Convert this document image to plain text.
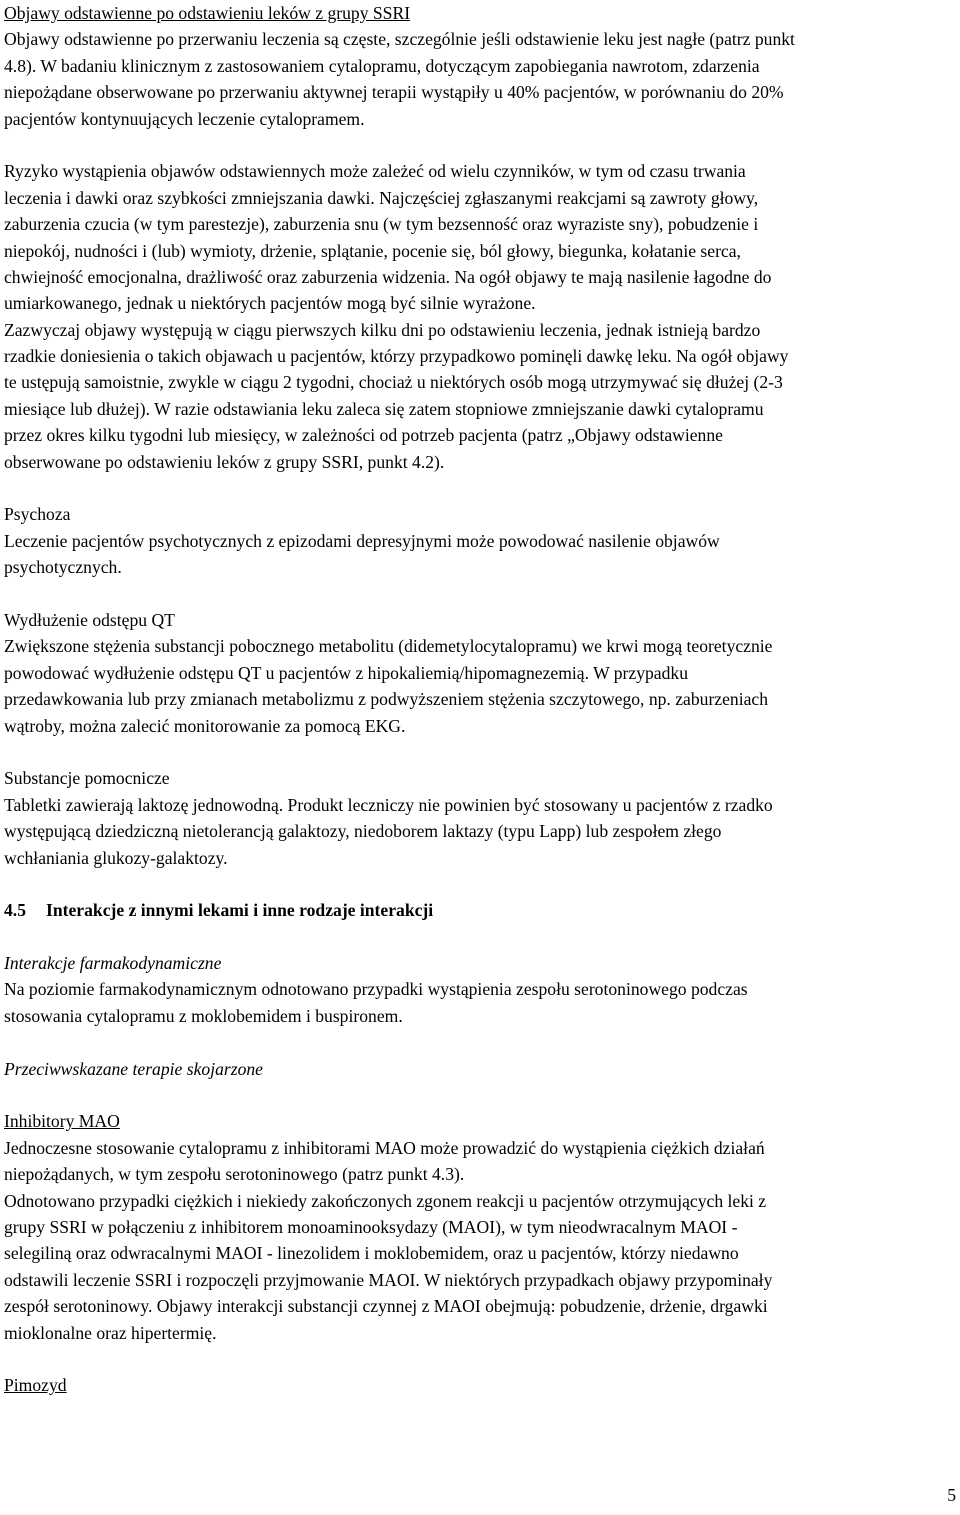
Objawy odstawienne po odstawieniu leków z grupy SSRI
Objawy odstawienne po przerwaniu leczenia są częste, szczególnie jeśli odstawienie leku jest nagłe (patrz punkt
4.8). W badaniu klinicznym z zastosowaniem cytalopramu, dotyczącym zapobiegania nawrotom, zdarzenia
niepożądane obserwowane po przerwaniu aktywnej terapii wystąpiły u 40% pacjentów, w porównaniu do 20%
pacjentów kontynuujących leczenie cytalopramem.
Ryzyko wystąpienia objawów odstawiennych może zależeć od wielu czynników, w tym od czasu trwania
leczenia i dawki oraz szybkości zmniejszania dawki. Najczęściej zgłaszanymi reakcjami są zawroty głowy,
zaburzenia czucia (w tym parestezje), zaburzenia snu (w tym bezsenność oraz wyraziste sny), pobudzenie i
niepokój, nudności i (lub) wymioty, drżenie, splątanie, pocenie się, ból głowy, biegunka, kołatanie serca,
chwiejność emocjonalna, drażliwość oraz zaburzenia widzenia. Na ogół objawy te mają nasilenie łagodne do
umiarkowanego, jednak u niektórych pacjentów mogą być silnie wyrażone.
Zazwyczaj objawy występują w ciągu pierwszych kilku dni po odstawieniu leczenia, jednak istnieją bardzo
rzadkie doniesienia o takich objawach u pacjentów, którzy przypadkowo pominęli dawkę leku. Na ogół objawy
te ustępują samoistnie, zwykle w ciągu 2 tygodni, chociaż u niektórych osób mogą utrzymywać się dłużej (2-3
miesiące lub dłużej). W razie odstawiania leku zaleca się zatem stopniowe zmniejszanie dawki cytalopramu
przez okres kilku tygodni lub miesięcy, w zależności od potrzeb pacjenta (patrz „Objawy odstawienne
obserwowane po odstawieniu leków z grupy SSRI, punkt 4.2).
Psychoza
Leczenie pacjentów psychotycznych z epizodami depresyjnymi może powodować nasilenie objawów
psychotycznych.
Wydłużenie odstępu QT
Zwiększone stężenia substancji pobocznego metabolitu (didemetylocytalopramu) we krwi mogą teoretycznie
powodować wydłużenie odstępu QT u pacjentów z hipokaliemią/hipomagnezemią. W przypadku
przedawkowania lub przy zmianach metabolizmu z podwyższeniem stężenia szczytowego, np. zaburzeniach
wątroby, można zalecić monitorowanie za pomocą EKG.
Substancje pomocnicze
Tabletki zawierają laktozę jednowodną. Produkt leczniczy nie powinien być stosowany u pacjentów z rzadko
występującą dziedziczną nietolerancją galaktozy, niedoborem laktazy (typu Lapp) lub zespołem złego
wchłaniania glukozy-galaktozy.
4.5 Interakcje z innymi lekami i inne rodzaje interakcji
Interakcje farmakodynamiczne
Na poziomie farmakodynamicznym odnotowano przypadki wystąpienia zespołu serotoninowego podczas
stosowania cytalopramu z moklobemidem i buspironem.
Przeciwwskazane terapie skojarzone
Inhibitory MAO
Jednoczesne stosowanie cytalopramu z inhibitorami MAO może prowadzić do wystąpienia ciężkich działań
niepożądanych, w tym zespołu serotoninowego (patrz punkt 4.3).
Odnotowano przypadki ciężkich i niekiedy zakończonych zgonem reakcji u pacjentów otrzymujących leki z
grupy SSRI w połączeniu z inhibitorem monoaminooksydazy (MAOI), w tym nieodwracalnym MAOI -
selegiliną oraz odwracalnymi MAOI - linezolidem i moklobemidem, oraz u pacjentów, którzy niedawno
odstawili leczenie SSRI i rozpoczęli przyjmowanie MAOI. W niektórych przypadkach objawy przypominały
zespół serotoninowy. Objawy interakcji substancji czynnej z MAOI obejmują: pobudzenie, drżenie, drgawki
mioklonalne oraz hipertermię.
Pimozyd
5
